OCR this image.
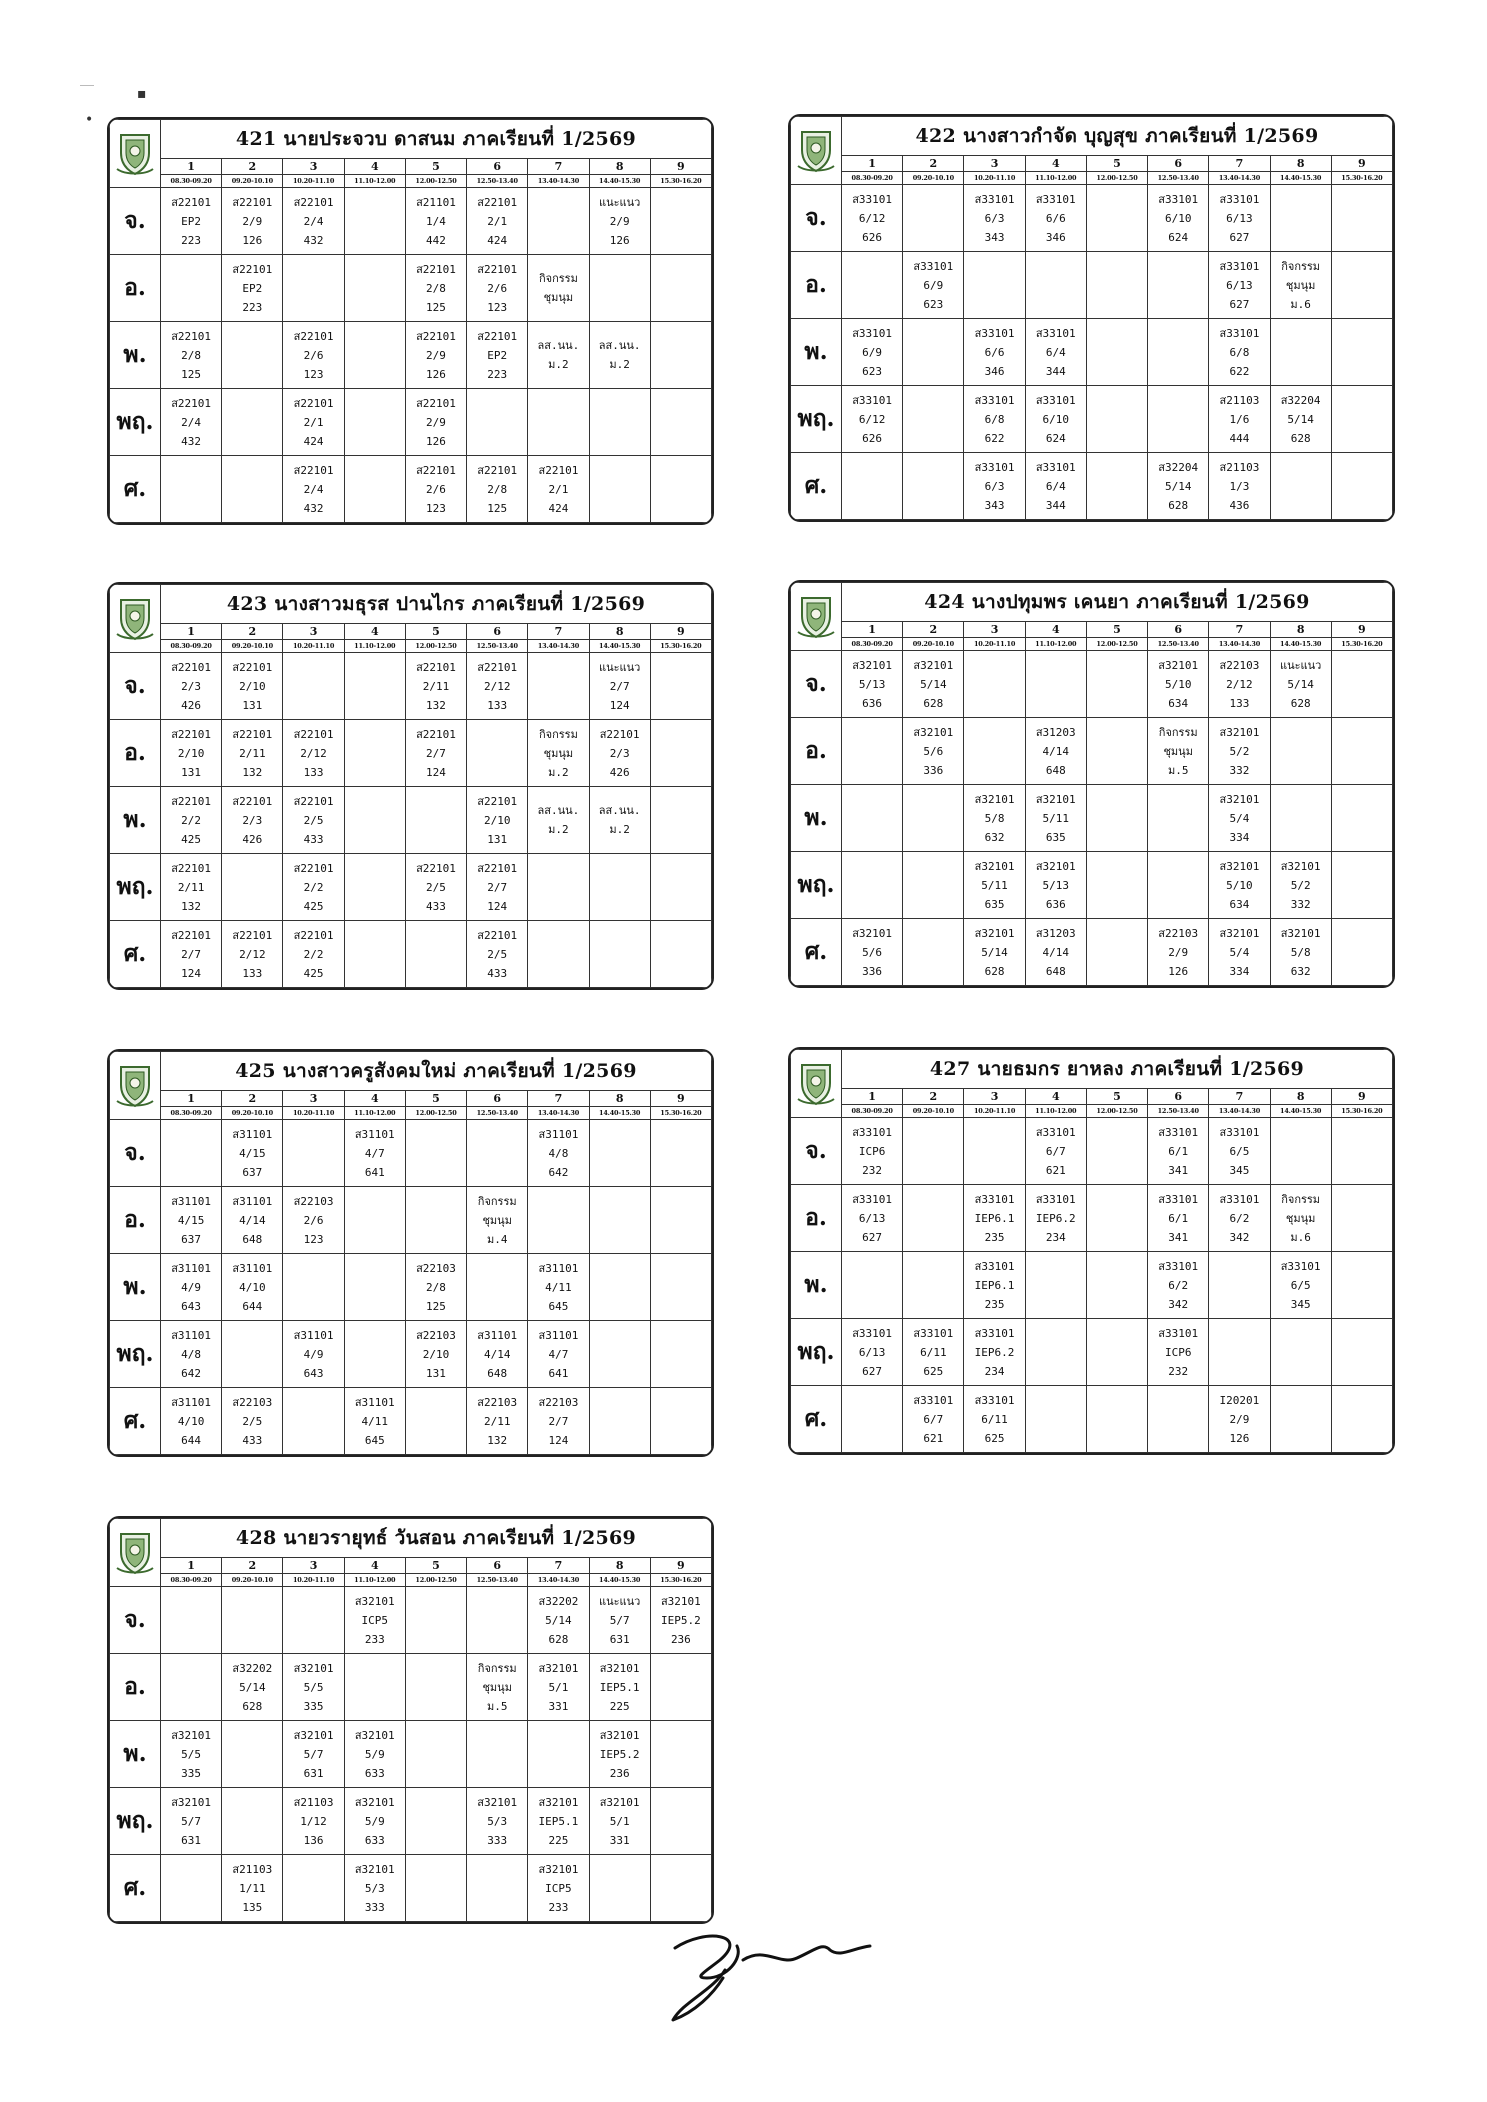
▪
•
	421 นายประจวบ ดาสนม ภาคเรียนที่ 1/2569								
	1	2	3	4	5	6	7	8	9
	08.30-09.20	09.20-10.10	10.20-11.10	11.10-12.00	12.00-12.50	12.50-13.40	13.40-14.30	14.40-15.30	15.30-16.20
จ.	ส22101
EP2
223	ส22101
2/9
126	ส22101
2/4
432		ส21101
1/4
442	ส22101
2/1
424		แนะแนว
2/9
126	

อ.		ส22101
EP2
223			ส22101
2/8
125	ส22101
2/6
123	กิจกรรม
ชุมนุม		

พ.	ส22101
2/8
125		ส22101
2/6
123		ส22101
2/9
126	ส22101
EP2
223	ลส.นน.
ม.2	ลส.นน.
ม.2	

พฤ.	ส22101
2/4
432		ส22101
2/1
424		ส22101
2/9
126				

ศ.			ส22101
2/4
432		ส22101
2/6
123	ส22101
2/8
125	ส22101
2/1
424		

	422 นางสาวกำจัด บุญสุข ภาคเรียนที่ 1/2569								
	1	2	3	4	5	6	7	8	9
	08.30-09.20	09.20-10.10	10.20-11.10	11.10-12.00	12.00-12.50	12.50-13.40	13.40-14.30	14.40-15.30	15.30-16.20
จ.	ส33101
6/12
626		ส33101
6/3
343	ส33101
6/6
346		ส33101
6/10
624	ส33101
6/13
627		

อ.		ส33101
6/9
623					ส33101
6/13
627	กิจกรรม
ชุมนุม
ม.6	

พ.	ส33101
6/9
623		ส33101
6/6
346	ส33101
6/4
344			ส33101
6/8
622		

พฤ.	ส33101
6/12
626		ส33101
6/8
622	ส33101
6/10
624			ส21103
1/6
444	ส32204
5/14
628	

ศ.			ส33101
6/3
343	ส33101
6/4
344		ส32204
5/14
628	ส21103
1/3
436		

	423 นางสาวมธุรส ปานไกร ภาคเรียนที่ 1/2569								
	1	2	3	4	5	6	7	8	9
	08.30-09.20	09.20-10.10	10.20-11.10	11.10-12.00	12.00-12.50	12.50-13.40	13.40-14.30	14.40-15.30	15.30-16.20
จ.	ส22101
2/3
426	ส22101
2/10
131			ส22101
2/11
132	ส22101
2/12
133		แนะแนว
2/7
124	

อ.	ส22101
2/10
131	ส22101
2/11
132	ส22101
2/12
133		ส22101
2/7
124		กิจกรรม
ชุมนุม
ม.2	ส22101
2/3
426	

พ.	ส22101
2/2
425	ส22101
2/3
426	ส22101
2/5
433			ส22101
2/10
131	ลส.นน.
ม.2	ลส.นน.
ม.2	

พฤ.	ส22101
2/11
132		ส22101
2/2
425		ส22101
2/5
433	ส22101
2/7
124			

ศ.	ส22101
2/7
124	ส22101
2/12
133	ส22101
2/2
425			ส22101
2/5
433			

	424 นางปทุมพร เคนยา ภาคเรียนที่ 1/2569								
	1	2	3	4	5	6	7	8	9
	08.30-09.20	09.20-10.10	10.20-11.10	11.10-12.00	12.00-12.50	12.50-13.40	13.40-14.30	14.40-15.30	15.30-16.20
จ.	ส32101
5/13
636	ส32101
5/14
628				ส32101
5/10
634	ส22103
2/12
133	แนะแนว
5/14
628	

อ.		ส32101
5/6
336		ส31203
4/14
648		กิจกรรม
ชุมนุม
ม.5	ส32101
5/2
332		

พ.			ส32101
5/8
632	ส32101
5/11
635			ส32101
5/4
334		

พฤ.			ส32101
5/11
635	ส32101
5/13
636			ส32101
5/10
634	ส32101
5/2
332	

ศ.	ส32101
5/6
336		ส32101
5/14
628	ส31203
4/14
648		ส22103
2/9
126	ส32101
5/4
334	ส32101
5/8
632	

	425 นางสาวครูสังคมใหม่ ภาคเรียนที่ 1/2569								
	1	2	3	4	5	6	7	8	9
	08.30-09.20	09.20-10.10	10.20-11.10	11.10-12.00	12.00-12.50	12.50-13.40	13.40-14.30	14.40-15.30	15.30-16.20
จ.		ส31101
4/15
637		ส31101
4/7
641			ส31101
4/8
642		

อ.	ส31101
4/15
637	ส31101
4/14
648	ส22103
2/6
123			กิจกรรม
ชุมนุม
ม.4			

พ.	ส31101
4/9
643	ส31101
4/10
644			ส22103
2/8
125		ส31101
4/11
645		

พฤ.	ส31101
4/8
642		ส31101
4/9
643		ส22103
2/10
131	ส31101
4/14
648	ส31101
4/7
641		

ศ.	ส31101
4/10
644	ส22103
2/5
433		ส31101
4/11
645		ส22103
2/11
132	ส22103
2/7
124		

	427 นายธมกร ยาหลง ภาคเรียนที่ 1/2569								
	1	2	3	4	5	6	7	8	9
	08.30-09.20	09.20-10.10	10.20-11.10	11.10-12.00	12.00-12.50	12.50-13.40	13.40-14.30	14.40-15.30	15.30-16.20
จ.	ส33101
ICP6
232			ส33101
6/7
621		ส33101
6/1
341	ส33101
6/5
345		

อ.	ส33101
6/13
627		ส33101
IEP6.1
235	ส33101
IEP6.2
234		ส33101
6/1
341	ส33101
6/2
342	กิจกรรม
ชุมนุม
ม.6	

พ.			ส33101
IEP6.1
235			ส33101
6/2
342		ส33101
6/5
345	

พฤ.	ส33101
6/13
627	ส33101
6/11
625	ส33101
IEP6.2
234			ส33101
ICP6
232			

ศ.		ส33101
6/7
621	ส33101
6/11
625				I20201
2/9
126		

	428 นายวรายุทธ์ วันสอน ภาคเรียนที่ 1/2569								
	1	2	3	4	5	6	7	8	9
	08.30-09.20	09.20-10.10	10.20-11.10	11.10-12.00	12.00-12.50	12.50-13.40	13.40-14.30	14.40-15.30	15.30-16.20
จ.				ส32101
ICP5
233			ส32202
5/14
628	แนะแนว
5/7
631	ส32101
IEP5.2
236

อ.		ส32202
5/14
628	ส32101
5/5
335			กิจกรรม
ชุมนุม
ม.5	ส32101
5/1
331	ส32101
IEP5.1
225	

พ.	ส32101
5/5
335		ส32101
5/7
631	ส32101
5/9
633				ส32101
IEP5.2
236	

พฤ.	ส32101
5/7
631		ส21103
1/12
136	ส32101
5/9
633		ส32101
5/3
333	ส32101
IEP5.1
225	ส32101
5/1
331	

ศ.		ส21103
1/11
135		ส32101
5/3
333			ส32101
ICP5
233		
